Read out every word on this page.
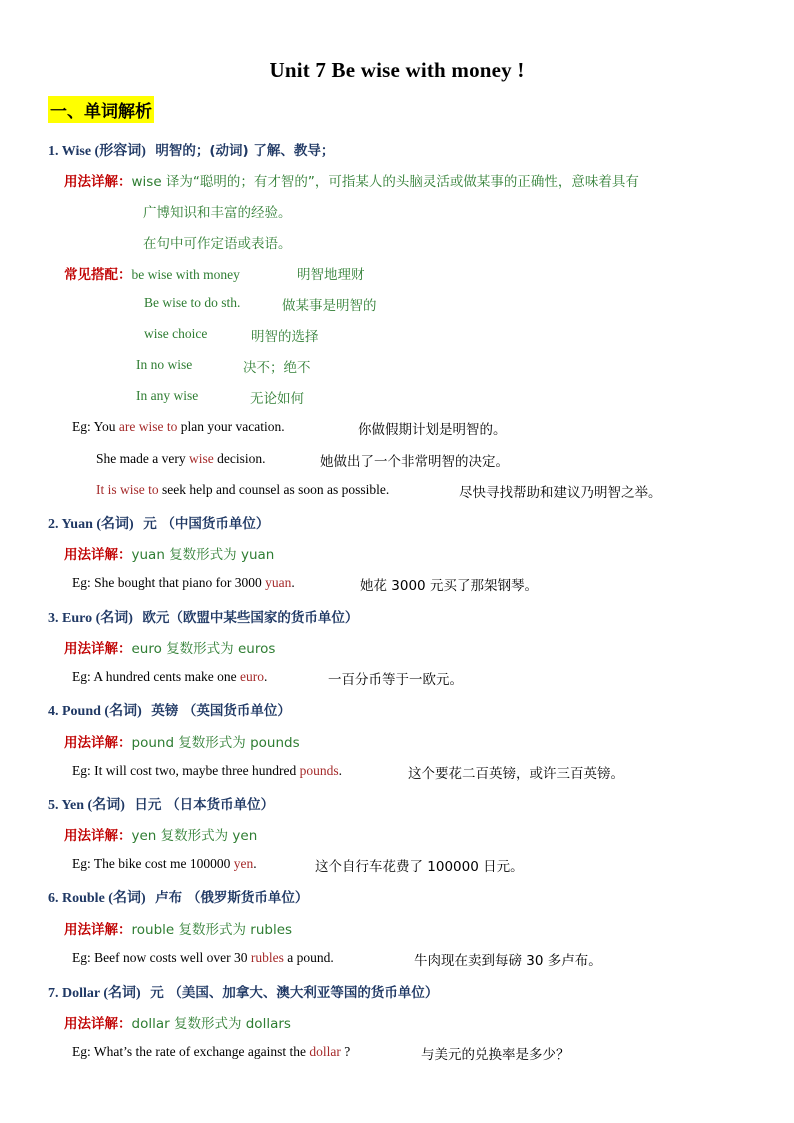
Unit 7 Be wise with money !
一、单词解析
1. Wise (形容词) 明智的；(动词) 了解、教导；
用法详解：wise 译为“聪明的；有才智的”，可指某人的头脑灵活或做某事的正确性，意味着具有
广博知识和丰富的经验。
在句中可作定语或表语。
常见搭配：be wise with money	明智地理财
Be wise to do sth.	做某事是明智的
wise choice	明智的选择
In no wise	决不；绝不
In any wise	无论如何
Eg: You are wise to plan your vacation.	你做假期计划是明智的。
She made a very wise decision.	她做出了一个非常明智的决定。
It is wise to seek help and counsel as soon as possible.	尽快寻找帮助和建议乃明智之举。
2. Yuan (名词) 元 （中国货币单位）
用法详解：yuan 复数形式为 yuan
Eg: She bought that piano for 3000 yuan.	她花 3000 元买了那架钢琴。
3. Euro (名词) 欧元（欧盟中某些国家的货币单位）
用法详解：euro 复数形式为 euros
Eg: A hundred cents make one euro.	一百分币等于一欧元。
4. Pound (名词) 英镑 （英国货币单位）
用法详解：pound 复数形式为 pounds
Eg: It will cost two, maybe three hundred pounds.	这个要花二百英镑，或许三百英镑。
5. Yen (名词) 日元 （日本货币单位）
用法详解：yen 复数形式为 yen
Eg: The bike cost me 100000 yen.	这个自行车花费了 100000 日元。
6. Rouble (名词) 卢布 （俄罗斯货币单位）
用法详解：rouble 复数形式为 rubles
Eg: Beef now costs well over 30 rubles a pound.	牛肉现在卖到每磅 30 多卢布。
7. Dollar (名词) 元 （美国、加拿大、澳大利亚等国的货币单位）
用法详解：dollar 复数形式为 dollars
Eg: What’s the rate of exchange against the dollar ?	与美元的兑换率是多少？
